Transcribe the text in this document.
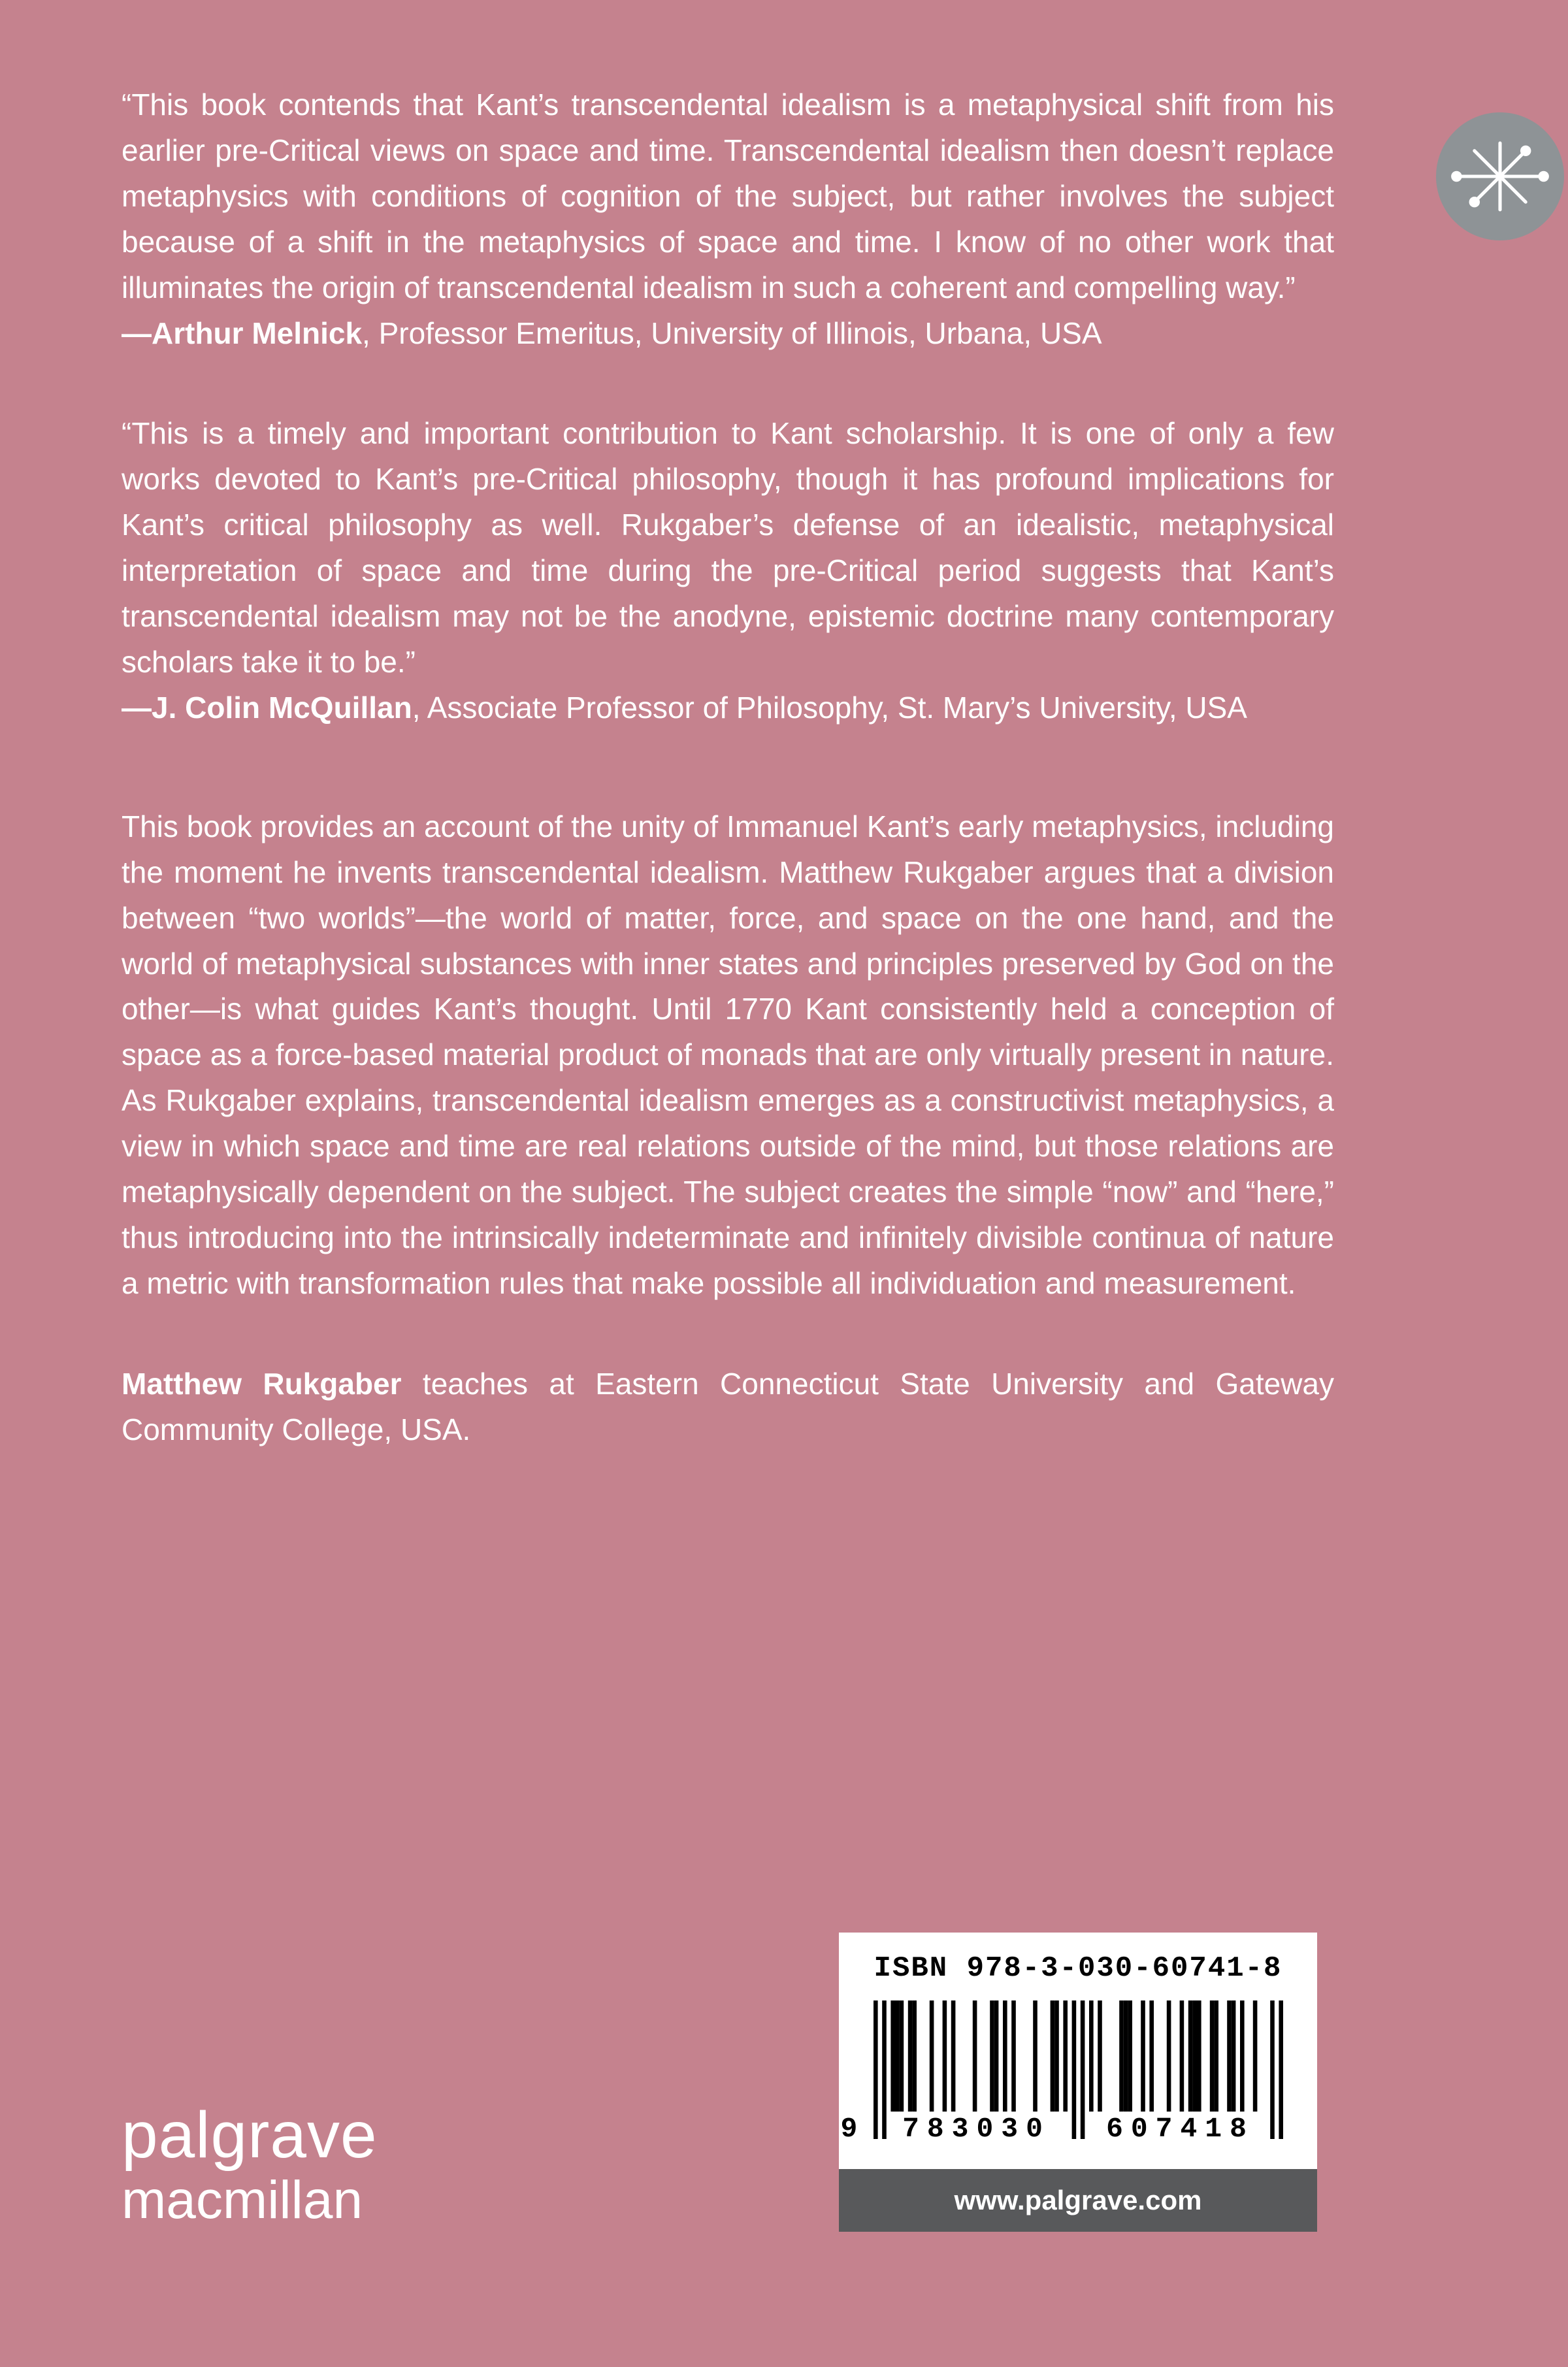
“This book contends that Kant’s transcendental idealism is a metaphysical shift from his earlier pre-Critical views on space and time. Transcendental idealism then doesn’t replace metaphysics with conditions of cognition of the subject, but rather involves the subject because of a shift in the metaphysics of space and time. I know of no other work that illuminates the origin of transcendental idealism in such a coherent and compelling way.”

—Arthur Melnick, Professor Emeritus, University of Illinois, Urbana, USA

“This is a timely and important contribution to Kant scholarship. It is one of only a few works devoted to Kant’s pre-Critical philosophy, though it has profound implications for Kant’s critical philosophy as well. Rukgaber’s defense of an idealistic, metaphysical interpretation of space and time during the pre-Critical period suggests that Kant’s transcendental idealism may not be the anodyne, epistemic doctrine many contemporary scholars take it to be.”

—J. Colin McQuillan, Associate Professor of Philosophy, St. Mary’s University, USA

This book provides an account of the unity of Immanuel Kant’s early metaphysics, including the moment he invents transcendental idealism. Matthew Rukgaber argues that a division between “two worlds”—the world of matter, force, and space on the one hand, and the world of metaphysical substances with inner states and principles preserved by God on the other—is what guides Kant’s thought. Until 1770 Kant consistently held a conception of space as a force-based material product of monads that are only virtually present in nature. As Rukgaber explains, transcendental idealism emerges as a constructivist metaphysics, a view in which space and time are real relations outside of the mind, but those relations are metaphysically dependent on the subject. The subject creates the simple “now” and “here,” thus introducing into the intrinsically indeterminate and infinitely divisible continua of nature a metric with transformation rules that make possible all individuation and measurement.

Matthew Rukgaber teaches at Eastern Connecticut State University and Gateway Community College, USA.

palgrave
macmillan
ISBN 978-3-030-60741-8
9	783030	607418
www.palgrave.com
